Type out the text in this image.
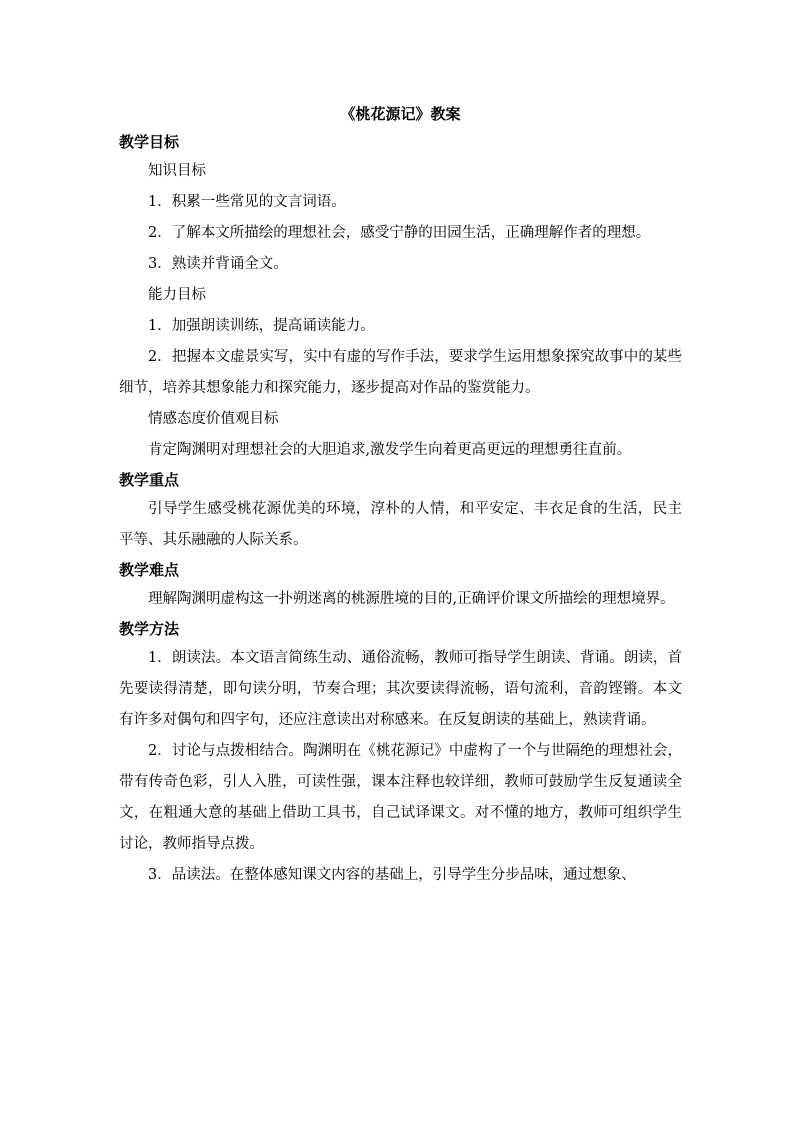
《桃花源记》教案
教学目标

知识目标

1．积累一些常见的文言词语。

2．了解本文所描绘的理想社会，感受宁静的田园生活，正确理解作者的理想。

3．熟读并背诵全文。

能力目标

1．加强朗读训练，提高诵读能力。

2．把握本文虚景实写，实中有虚的写作手法，要求学生运用想象探究故事中的某些细节，培养其想象能力和探究能力，逐步提高对作品的鉴赏能力。

情感态度价值观目标

肯定陶渊明对理想社会的大胆追求,激发学生向着更高更远的理想勇往直前。

教学重点

引导学生感受桃花源优美的环境，淳朴的人情，和平安定、丰衣足食的生活，民主平等、其乐融融的人际关系。

教学难点

理解陶渊明虚构这一扑朔迷离的桃源胜境的目的,正确评价课文所描绘的理想境界。

教学方法

1．朗读法。本文语言简练生动、通俗流畅，教师可指导学生朗读、背诵。朗读，首先要读得清楚，即句读分明，节奏合理；其次要读得流畅，语句流利，音韵铿锵。本文有许多对偶句和四字句，还应注意读出对称感来。在反复朗读的基础上，熟读背诵。

2．讨论与点拨相结合。陶渊明在《桃花源记》中虚构了一个与世隔绝的理想社会，带有传奇色彩，引人入胜，可读性强，课本注释也较详细，教师可鼓励学生反复通读全文，在粗通大意的基础上借助工具书，自己试译课文。对不懂的地方，教师可组织学生讨论，教师指导点拨。

3．品读法。在整体感知课文内容的基础上，引导学生分步品味，通过想象、
